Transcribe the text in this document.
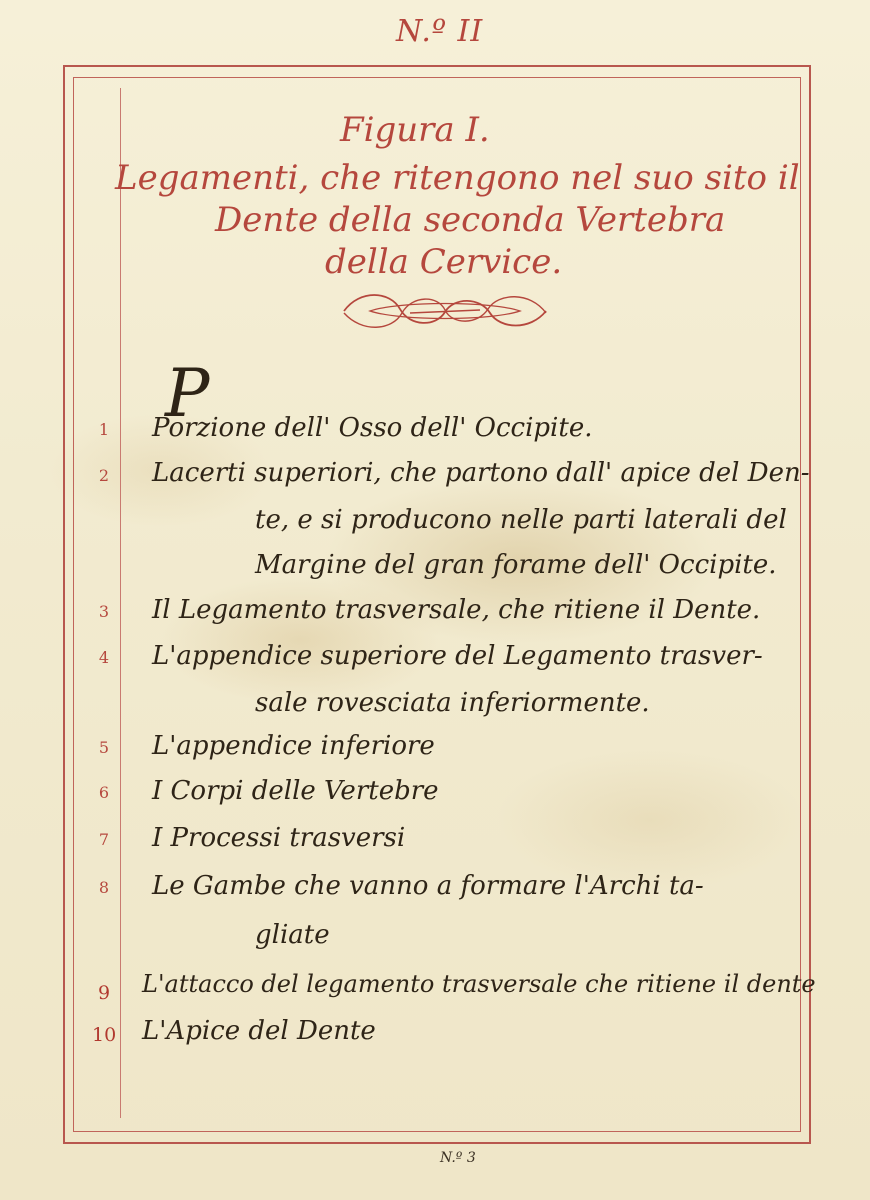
N.º II
Figura I.
Legamenti, che ritengono nel suo sito il
Dente della seconda Vertebra
della Cervice.
P
1 Porzione dell' Osso dell' Occipite.
2 Lacerti superiori, che partono dall' apice del Den-
te, e si producono nelle parti laterali del
Margine del gran forame dell' Occipite.
3 Il Legamento trasversale, che ritiene il Dente.
4 L'appendice superiore del Legamento trasver-
sale rovesciata inferiormente.
5 L'appendice inferiore
6 I Corpi delle Vertebre
7 I Processi trasversi
8 Le Gambe che vanno a formare l'Archi ta-
gliate
9 L'attacco del legamento trasversale che ritiene il dente
10 L'Apice del Dente
N.º 3
